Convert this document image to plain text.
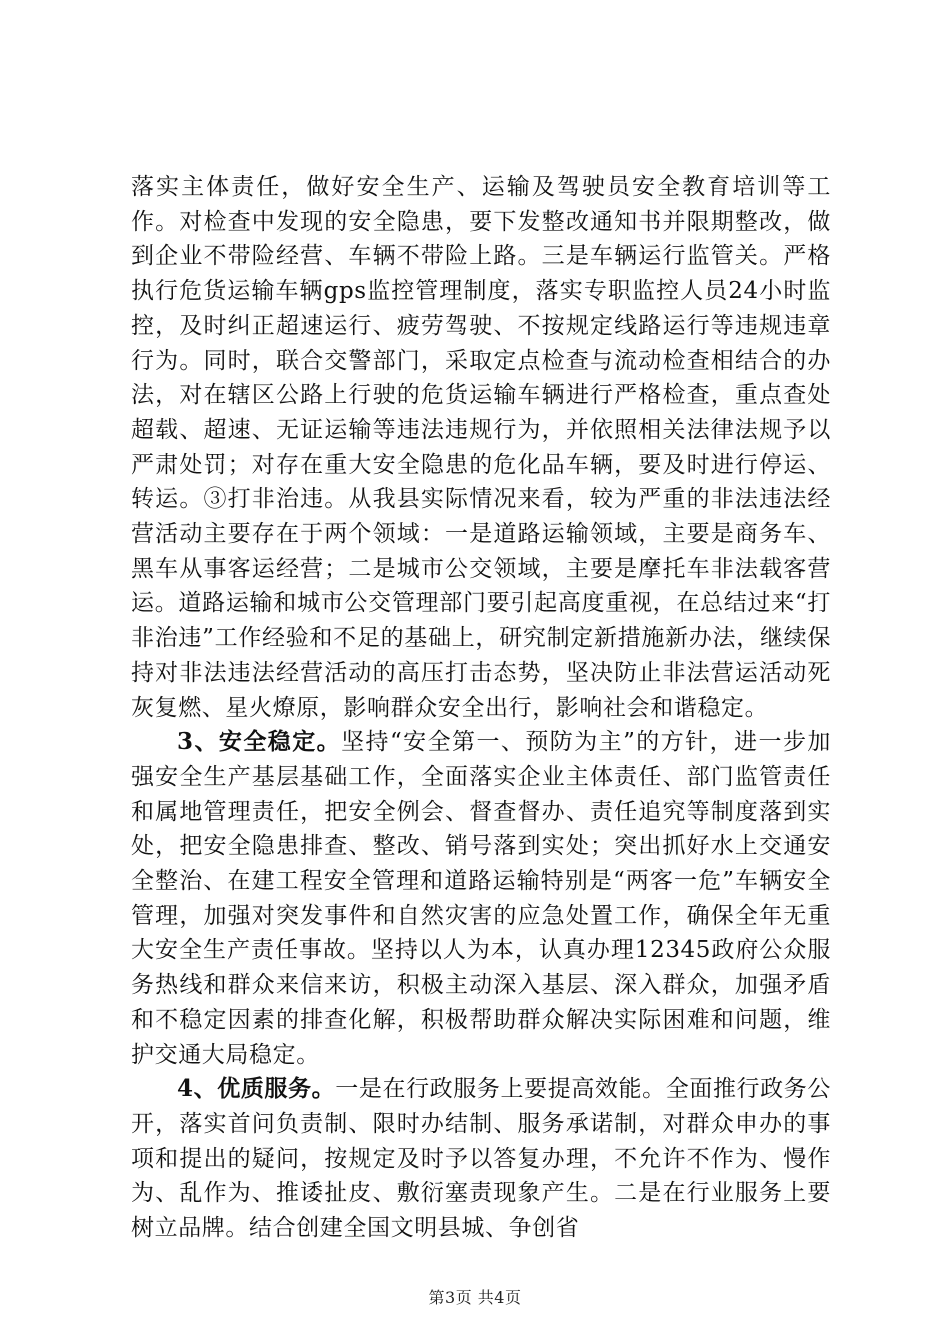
落实主体责任，做好安全生产、运输及驾驶员安全教育培训等工作。对检查中发现的安全隐患，要下发整改通知书并限期整改，做到企业不带险经营、车辆不带险上路。三是车辆运行监管关。严格执行危货运输车辆gps监控管理制度，落实专职监控人员24小时监控，及时纠正超速运行、疲劳驾驶、不按规定线路运行等违规违章行为。同时，联合交警部门，采取定点检查与流动检查相结合的办法，对在辖区公路上行驶的危货运输车辆进行严格检查，重点查处超载、超速、无证运输等违法违规行为，并依照相关法律法规予以严肃处罚；对存在重大安全隐患的危化品车辆，要及时进行停运、转运。③打非治违。从我县实际情况来看，较为严重的非法违法经营活动主要存在于两个领域：一是道路运输领域，主要是商务车、黑车从事客运经营；二是城市公交领域，主要是摩托车非法载客营运。道路运输和城市公交管理部门要引起高度重视，在总结过来“打非治违”工作经验和不足的基础上，研究制定新措施新办法，继续保持对非法违法经营活动的高压打击态势，坚决防止非法营运活动死灰复燃、星火燎原，影响群众安全出行，影响社会和谐稳定。

3、安全稳定。坚持“安全第一、预防为主”的方针，进一步加强安全生产基层基础工作，全面落实企业主体责任、部门监管责任和属地管理责任，把安全例会、督查督办、责任追究等制度落到实处，把安全隐患排查、整改、销号落到实处；突出抓好水上交通安全整治、在建工程安全管理和道路运输特别是“两客一危”车辆安全管理，加强对突发事件和自然灾害的应急处置工作，确保全年无重大安全生产责任事故。坚持以人为本，认真办理12345政府公众服务热线和群众来信来访，积极主动深入基层、深入群众，加强矛盾和不稳定因素的排查化解，积极帮助群众解决实际困难和问题，维护交通大局稳定。

4、优质服务。一是在行政服务上要提高效能。全面推行政务公开，落实首问负责制、限时办结制、服务承诺制，对群众申办的事项和提出的疑问，按规定及时予以答复办理，不允许不作为、慢作为、乱作为、推诿扯皮、敷衍塞责现象产生。二是在行业服务上要树立品牌。结合创建全国文明县城、争创省

第3页 共4页
